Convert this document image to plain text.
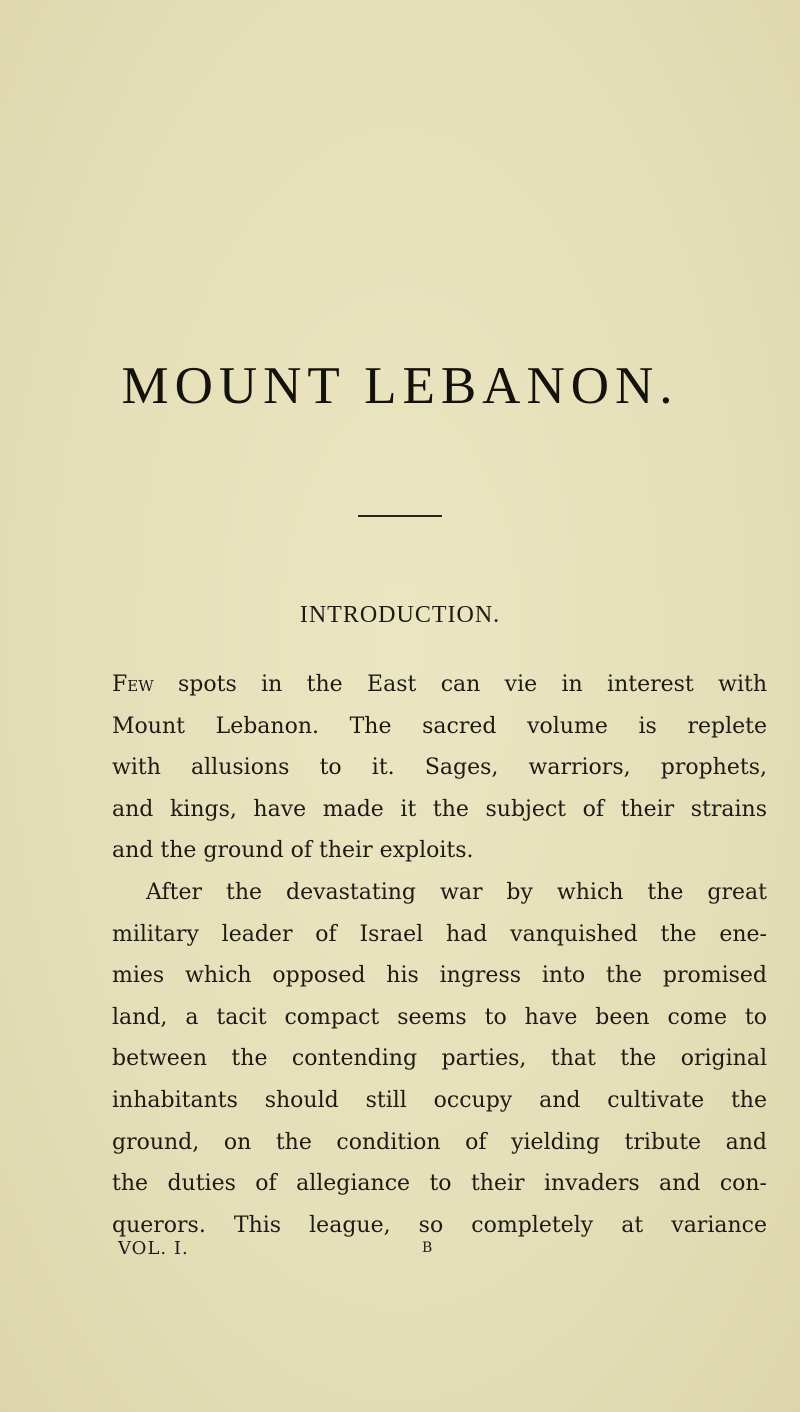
MOUNT LEBANON.
INTRODUCTION.
Few spots in the East can vie in interest with
Mount Lebanon. The sacred volume is replete
with allusions to it. Sages, warriors, prophets,
and kings, have made it the subject of their strains
and the ground of their exploits.
After the devastating war by which the great
military leader of Israel had vanquished the ene-
mies which opposed his ingress into the promised
land, a tacit compact seems to have been come to
between the contending parties, that the original
inhabitants should still occupy and cultivate the
ground, on the condition of yielding tribute and
the duties of allegiance to their invaders and con-
querors. This league, so completely at variance
VOL. I.	B
